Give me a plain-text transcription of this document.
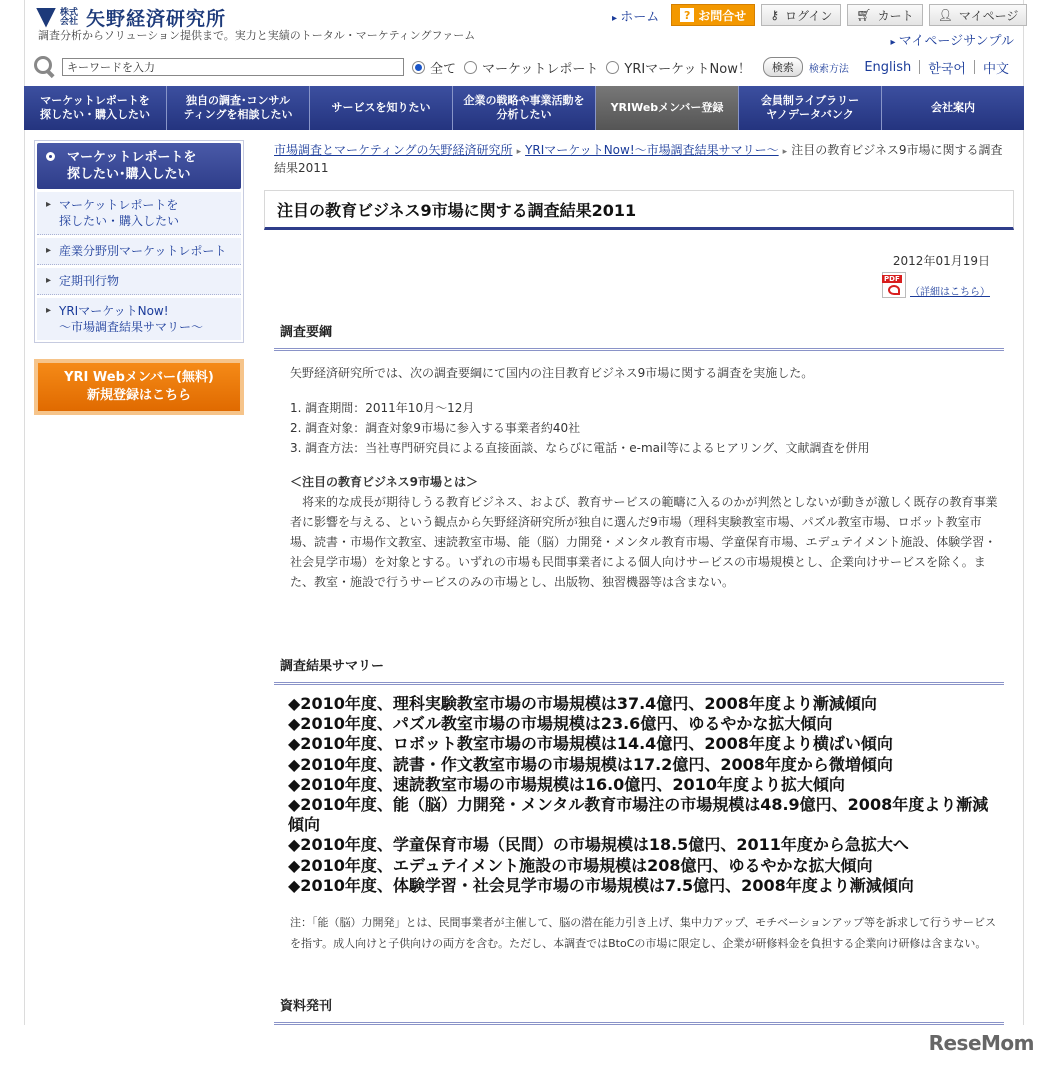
株式会社 矢野経済研究所
調査分析からソリューション提供まで。実力と実績のトータル・マーケティングファーム
▸ ホーム	? お問合せ ⚷ ログイン 🛒︎ カート 👤︎ マイページ
▸ マイページサンプル
キーワードを入力
全て マーケットレポート YRIマーケットNow！	検索	検索方法	English	한국어	中文
マーケットレポートを
探したい・購入したい
独自の調査･コンサル
ティングを相談したい
サービスを知りたい
企業の戦略や事業活動を
分析したい
YRIWebメンバー登録
会員制ライブラリー
ヤノデータバンク
会社案内
マーケットレポートを
探したい･購入したい
▸ マーケットレポートを
探したい・購入したい
▸ 産業分野別マーケットレポート
▸ 定期刊行物
▸ YRIマーケットNow!
〜市場調査結果サマリー〜
YRI Webメンバー(無料)
新規登録はこちら
市場調査とマーケティングの矢野経済研究所 ▸ YRIマーケットNow!〜市場調査結果サマリー〜 ▸ 注目の教育ビジネス9市場に関する調査結果2011
注目の教育ビジネス9市場に関する調査結果2011
2012年01月19日
PDF
（詳細はこちら）
調査要綱
矢野経済研究所では、次の調査要綱にて国内の注目教育ビジネス9市場に関する調査を実施した。

1. 調査期間：2011年10月〜12月

2. 調査対象：調査対象9市場に参入する事業者約40社

3. 調査方法：当社専門研究員による直接面談、ならびに電話・e-mail等によるヒアリング、文献調査を併用

＜注目の教育ビジネス9市場とは＞

将来的な成長が期待しうる教育ビジネス、および、教育サービスの範疇に入るのかが判然としないが動きが激しく既存の教育事業者に影響を与える、という観点から矢野経済研究所が独自に選んだ9市場（理科実験教室市場、パズル教室市場、ロボット教室市場、読書・市場作文教室、速読教室市場、能（脳）力開発・メンタル教育市場、学童保育市場、エデュテイメント施設、体験学習・社会見学市場）を対象とする。いずれの市場も民間事業者による個人向けサービスの市場規模とし、企業向けサービスを除く。また、教室・施設で行うサービスのみの市場とし、出版物、独習機器等は含まない。

調査結果サマリー

◆2010年度、理科実験教室市場の市場規模は37.4億円、2008年度より漸減傾向

◆2010年度、パズル教室市場の市場規模は23.6億円、ゆるやかな拡大傾向

◆2010年度、ロボット教室市場の市場規模は14.4億円、2008年度より横ばい傾向

◆2010年度、読書・作文教室市場の市場規模は17.2億円、2008年度から微増傾向

◆2010年度、速読教室市場の市場規模は16.0億円、2010年度より拡大傾向

◆2010年度、能（脳）力開発・メンタル教育市場注の市場規模は48.9億円、2008年度より漸減傾向

◆2010年度、学童保育市場（民間）の市場規模は18.5億円、2011年度から急拡大へ

◆2010年度、エデュテイメント施設の市場規模は208億円、ゆるやかな拡大傾向

◆2010年度、体験学習・社会見学市場の市場規模は7.5億円、2008年度より漸減傾向

注：「能（脳）力開発」とは、民間事業者が主催して、脳の潜在能力引き上げ、集中力アップ、モチベーションアップ等を訴求して行うサービスを指す。成人向けと子供向けの両方を含む。ただし、本調査ではBtoCの市場に限定し、企業が研修料金を負担する企業向け研修は含まない。
資料発刊
ReseMom
